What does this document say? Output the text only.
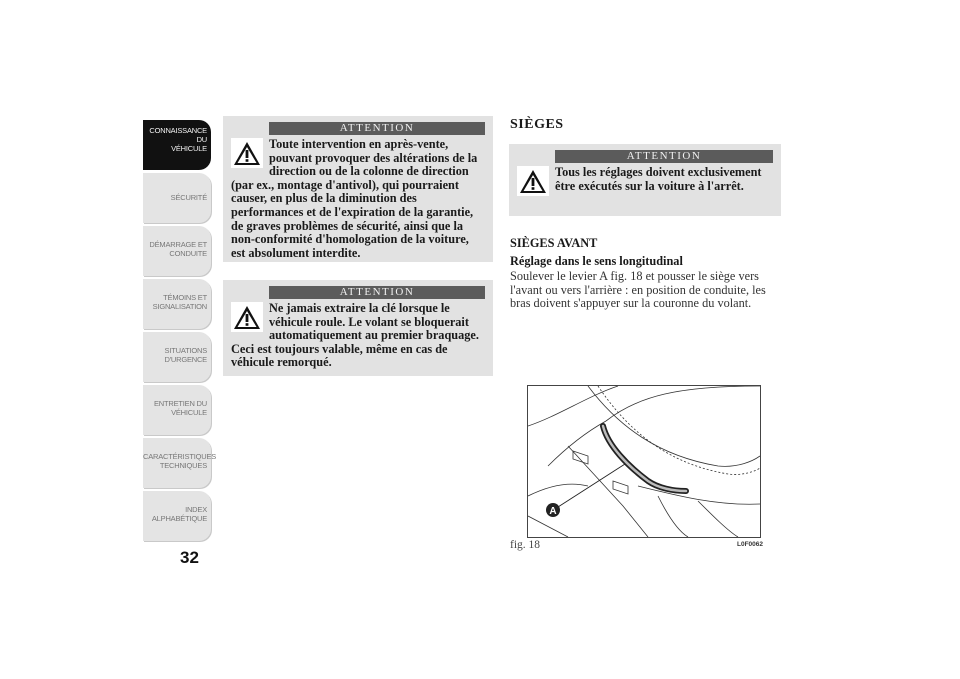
CONNAISSANCE DU
VÉHICULE
SÉCURITÉ
DÉMARRAGE ET
CONDUITE
TÉMOINS ET
SIGNALISATION
SITUATIONS
D'URGENCE
ENTRETIEN DU
VÉHICULE
CARACTÉRISTIQUES
TECHNIQUES
INDEX
ALPHABÉTIQUE
32
ATTENTION
Toute intervention en après-vente, pouvant provoquer des altérations de la direction ou de la colonne de direction (par ex., montage d'antivol), qui pourraient causer, en plus de la diminution des performances et de l'expiration de la garantie, de graves problèmes de sécurité, ainsi que la non-conformité d'homologation de la voiture, est absolument interdite.
ATTENTION
Ne jamais extraire la clé lorsque le véhicule roule. Le volant se bloquerait automatiquement au premier braquage. Ceci est toujours valable, même en cas de véhicule remorqué.
SIÈGES
ATTENTION
Tous les réglages doivent exclusivement être exécutés sur la voiture à l'arrêt.
SIÈGES AVANT
Réglage dans le sens longitudinal
Soulever le levier A fig. 18 et pousser le siège vers l'avant ou vers l'arrière : en position de conduite, les bras doivent s'appuyer sur la couronne du volant.
A
fig. 18	L0F0062
